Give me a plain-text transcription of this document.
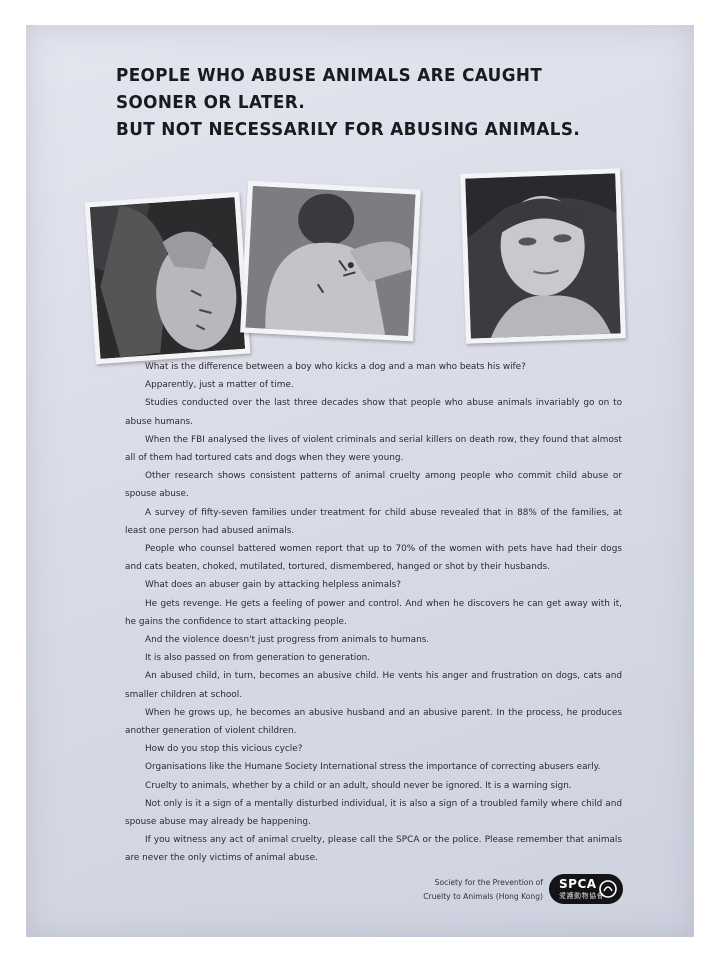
PEOPLE WHO ABUSE ANIMALS ARE CAUGHT
SOONER OR LATER.
BUT NOT NECESSARILY FOR ABUSING ANIMALS.

What is the difference between a boy who kicks a dog and a man who beats his wife?

Apparently, just a matter of time.

Studies conducted over the last three decades show that people who abuse animals invariably go on to abuse humans.

When the FBI analysed the lives of violent criminals and serial killers on death row, they found that almost all of them had tortured cats and dogs when they were young.

Other research shows consistent patterns of animal cruelty among people who commit child abuse or spouse abuse.

A survey of fifty-seven families under treatment for child abuse revealed that in 88% of the families, at least one person had abused animals.

People who counsel battered women report that up to 70% of the women with pets have had their dogs and cats beaten, choked, mutilated, tortured, dismembered, hanged or shot by their husbands.

What does an abuser gain by attacking helpless animals?

He gets revenge. He gets a feeling of power and control. And when he discovers he can get away with it, he gains the confidence to start attacking people.

And the violence doesn't just progress from animals to humans.

It is also passed on from generation to generation.

An abused child, in turn, becomes an abusive child. He vents his anger and frustration on dogs, cats and smaller children at school.

When he grows up, he becomes an abusive husband and an abusive parent. In the process, he produces another generation of violent children.

How do you stop this vicious cycle?

Organisations like the Humane Society International stress the importance of correcting abusers early.

Cruelty to animals, whether by a child or an adult, should never be ignored. It is a warning sign.

Not only is it a sign of a mentally disturbed individual, it is also a sign of a troubled family where child and spouse abuse may already be happening.

If you witness any act of animal cruelty, please call the SPCA or the police. Please remember that animals are never the only victims of animal abuse.

Society for the Prevention of
Cruelty to Animals (Hong Kong)
SPCA
愛護動物協會
